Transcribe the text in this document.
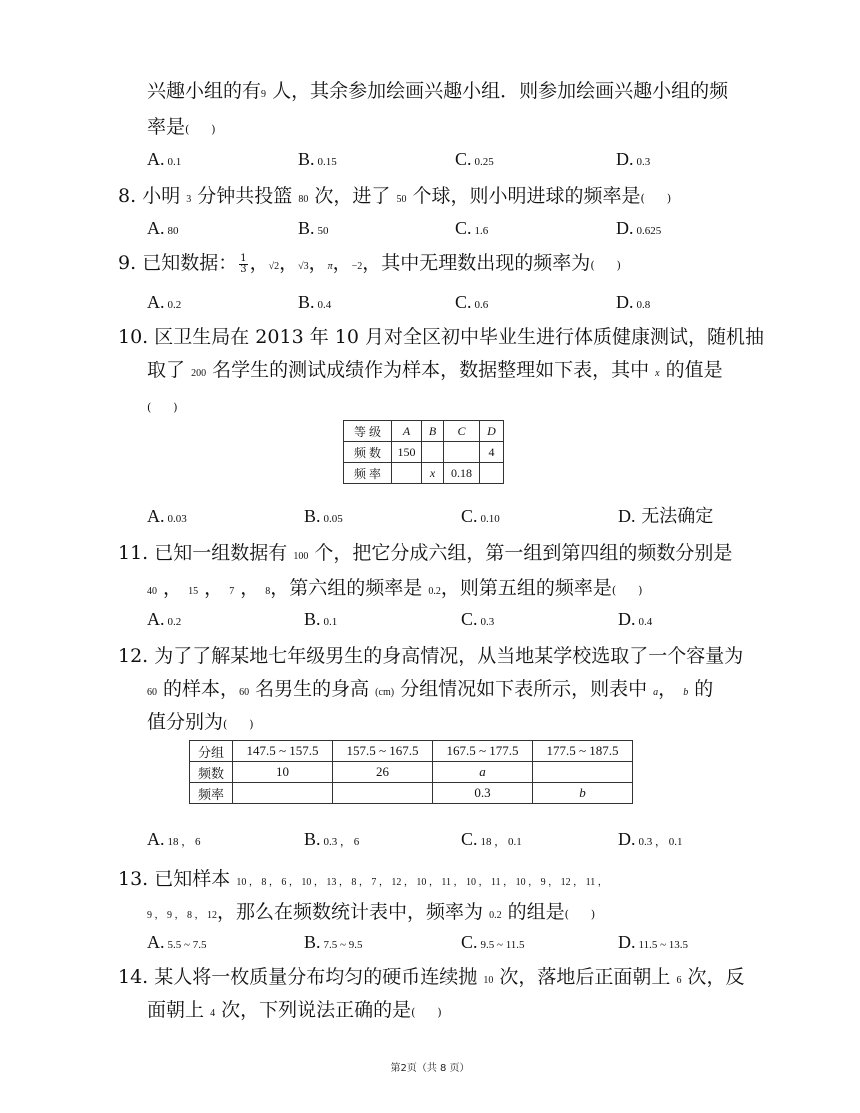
兴趣小组的有9 人，其余参加绘画兴趣小组．则参加绘画兴趣小组的频
率是(　　)
A. 0.1	B. 0.15	C. 0.25	D. 0.3
8. 小明 3 分钟共投篮 80 次，进了 50 个球，则小明进球的频率是(　　)
A. 80	B. 50	C. 1.6	D. 0.625
9. 已知数据： $\frac{1}{3}$ ，√2，√3，π，−2，其中无理数出现的频率为(　　)
A. 0.2	B. 0.4	C. 0.6	D. 0.8
10. 区卫生局在 2013 年 10 月对全区初中毕业生进行体质健康测试，随机抽
取了 200 名学生的测试成绩作为样本，数据整理如下表，其中 x 的值是
(　　)
等 级	A	B	C	D
频 数	150			4
频 率		x	0.18	
A. 0.03	B. 0.05	C. 0.10	D. 无法确定
11. 已知一组数据有 100 个，把它分成六组，第一组到第四组的频数分别是
40 ， 15 ， 7 ， 8，第六组的频率是 0.2，则第五组的频率是(　　)
A. 0.2	B. 0.1	C. 0.3	D. 0.4
12. 为了了解某地七年级男生的身高情况，从当地某学校选取了一个容量为
60 的样本，60 名男生的身高 (cm) 分组情况如下表所示，则表中 a， b 的
值分别为(　　)
分组	147.5 ~ 157.5	157.5 ~ 167.5	167.5 ~ 177.5	177.5 ~ 187.5
频数	10	26	a	
频率			0.3	b
A. 18 ， 6	B. 0.3 ， 6	C. 18 ， 0.1	D. 0.3 ， 0.1
13. 已知样本 10 ， 8 ， 6 ， 10 ， 13 ， 8 ， 7 ， 12 ， 10 ， 11 ， 10 ， 11 ， 10 ， 9 ， 12 ， 11 ，
9 ， 9 ， 8 ， 12，那么在频数统计表中，频率为 0.2 的组是(　　)
A. 5.5 ~ 7.5	B. 7.5 ~ 9.5	C. 9.5 ~ 11.5	D. 11.5 ~ 13.5
14. 某人将一枚质量分布均匀的硬币连续抛 10 次，落地后正面朝上 6 次，反
面朝上 4 次，下列说法正确的是(　　)
第2页（共 8 页）
